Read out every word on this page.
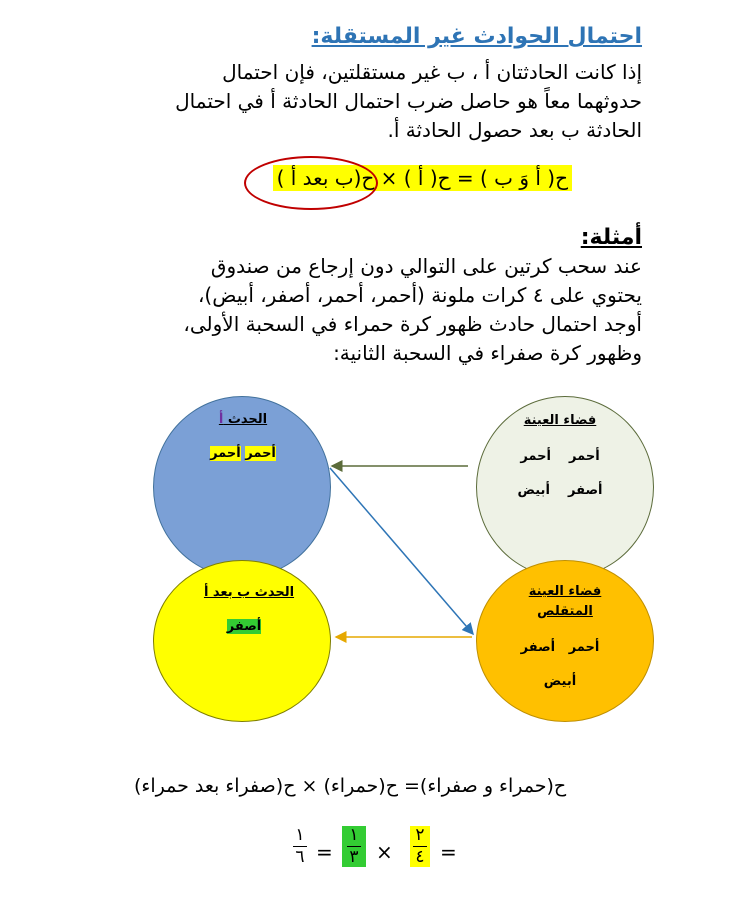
احتمال الحوادث غير المستقلة:
إذا كانت الحادثتان أ ، ب غير مستقلتين، فإن احتمال
حدوثهما معاً هو حاصل ضرب احتمال الحادثة أ في احتمال
الحادثة ب بعد حصول الحادثة أ.
ح( أ وَ ب ) = ح( أ ) × ح(ب بعد أ )
أمثلة:
عند سحب كرتين على التوالي دون إرجاع من صندوق
يحتوي على ٤ كرات ملونة (أحمر، أحمر، أصفر، أبيض)،
أوجد احتمال حادث ظهور كرة حمراء في السحبة الأولى،
وظهور كرة صفراء في السحبة الثانية:
الحدث أ
أحمر أحمر
فضاء العينة
أحمر    أحمر
أصفر    أبيض
الحدث ب بعد أ
أصفر
فضاء العينة
المتقلص
أحمر   أصفر
أبيض
ح(حمراء و صفراء)= ح(حمراء) × ح(صفراء بعد حمراء)
=
٢
٤
×
١
٣
=
١
٦
